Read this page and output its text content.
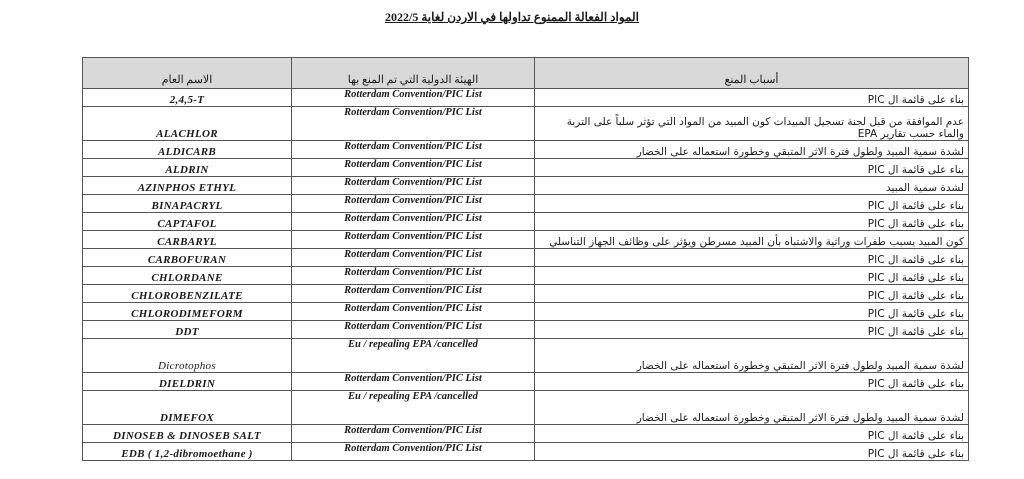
المواد الفعالة الممنوع تداولها في الاردن لغاية 2022/5
الاسم العام	الهيئة الدولية التي تم المنع بها	أسباب المنع
2,4,5-T	Rotterdam Convention/PIC List	بناء على قائمة ال PIC
ALACHLOR	Rotterdam Convention/PIC List	عدم الموافقة من قبل لجنة تسجيل المبيدات كون المبيد من المواد التي تؤثر سلباً على التربة والماء حسب تقارير EPA
ALDICARB	Rotterdam Convention/PIC List	لشدة سمية المبيد ولطول فترة الاثر المتبقي وخطورة استعماله على الخضار
ALDRIN	Rotterdam Convention/PIC List	بناء على قائمة ال PIC
AZINPHOS ETHYL	Rotterdam Convention/PIC List	لشدة سمية المبيد
BINAPACRYL	Rotterdam Convention/PIC List	بناء على قائمة ال PIC
CAPTAFOL	Rotterdam Convention/PIC List	بناء على قائمة ال PIC
CARBARYL	Rotterdam Convention/PIC List	كون المبيد يسبب طفرات وراثية والاشتباه بأن المبيد مسرطن ويؤثر على وظائف الجهاز التناسلي
CARBOFURAN	Rotterdam Convention/PIC List	بناء على قائمة ال PIC
CHLORDANE	Rotterdam Convention/PIC List	بناء على قائمة ال PIC
CHLOROBENZILATE	Rotterdam Convention/PIC List	بناء على قائمة ال PIC
CHLORODIMEFORM	Rotterdam Convention/PIC List	بناء على قائمة ال PIC
DDT	Rotterdam Convention/PIC List	بناء على قائمة ال PIC
Dicrotophos	Eu / repealing EPA /cancelled	لشدة سمية المبيد ولطول فترة الاثر المتبقي وخطورة استعماله على الخضار
DIELDRIN	Rotterdam Convention/PIC List	بناء على قائمة ال PIC
DIMEFOX	Eu / repealing EPA /cancelled	لشدة سمية المبيد ولطول فترة الاثر المتبقي وخطورة استعماله على الخضار
DINOSEB & DINOSEB SALT	Rotterdam Convention/PIC List	بناء على قائمة ال PIC
EDB ( 1,2-dibromoethane )	Rotterdam Convention/PIC List	بناء على قائمة ال PIC
